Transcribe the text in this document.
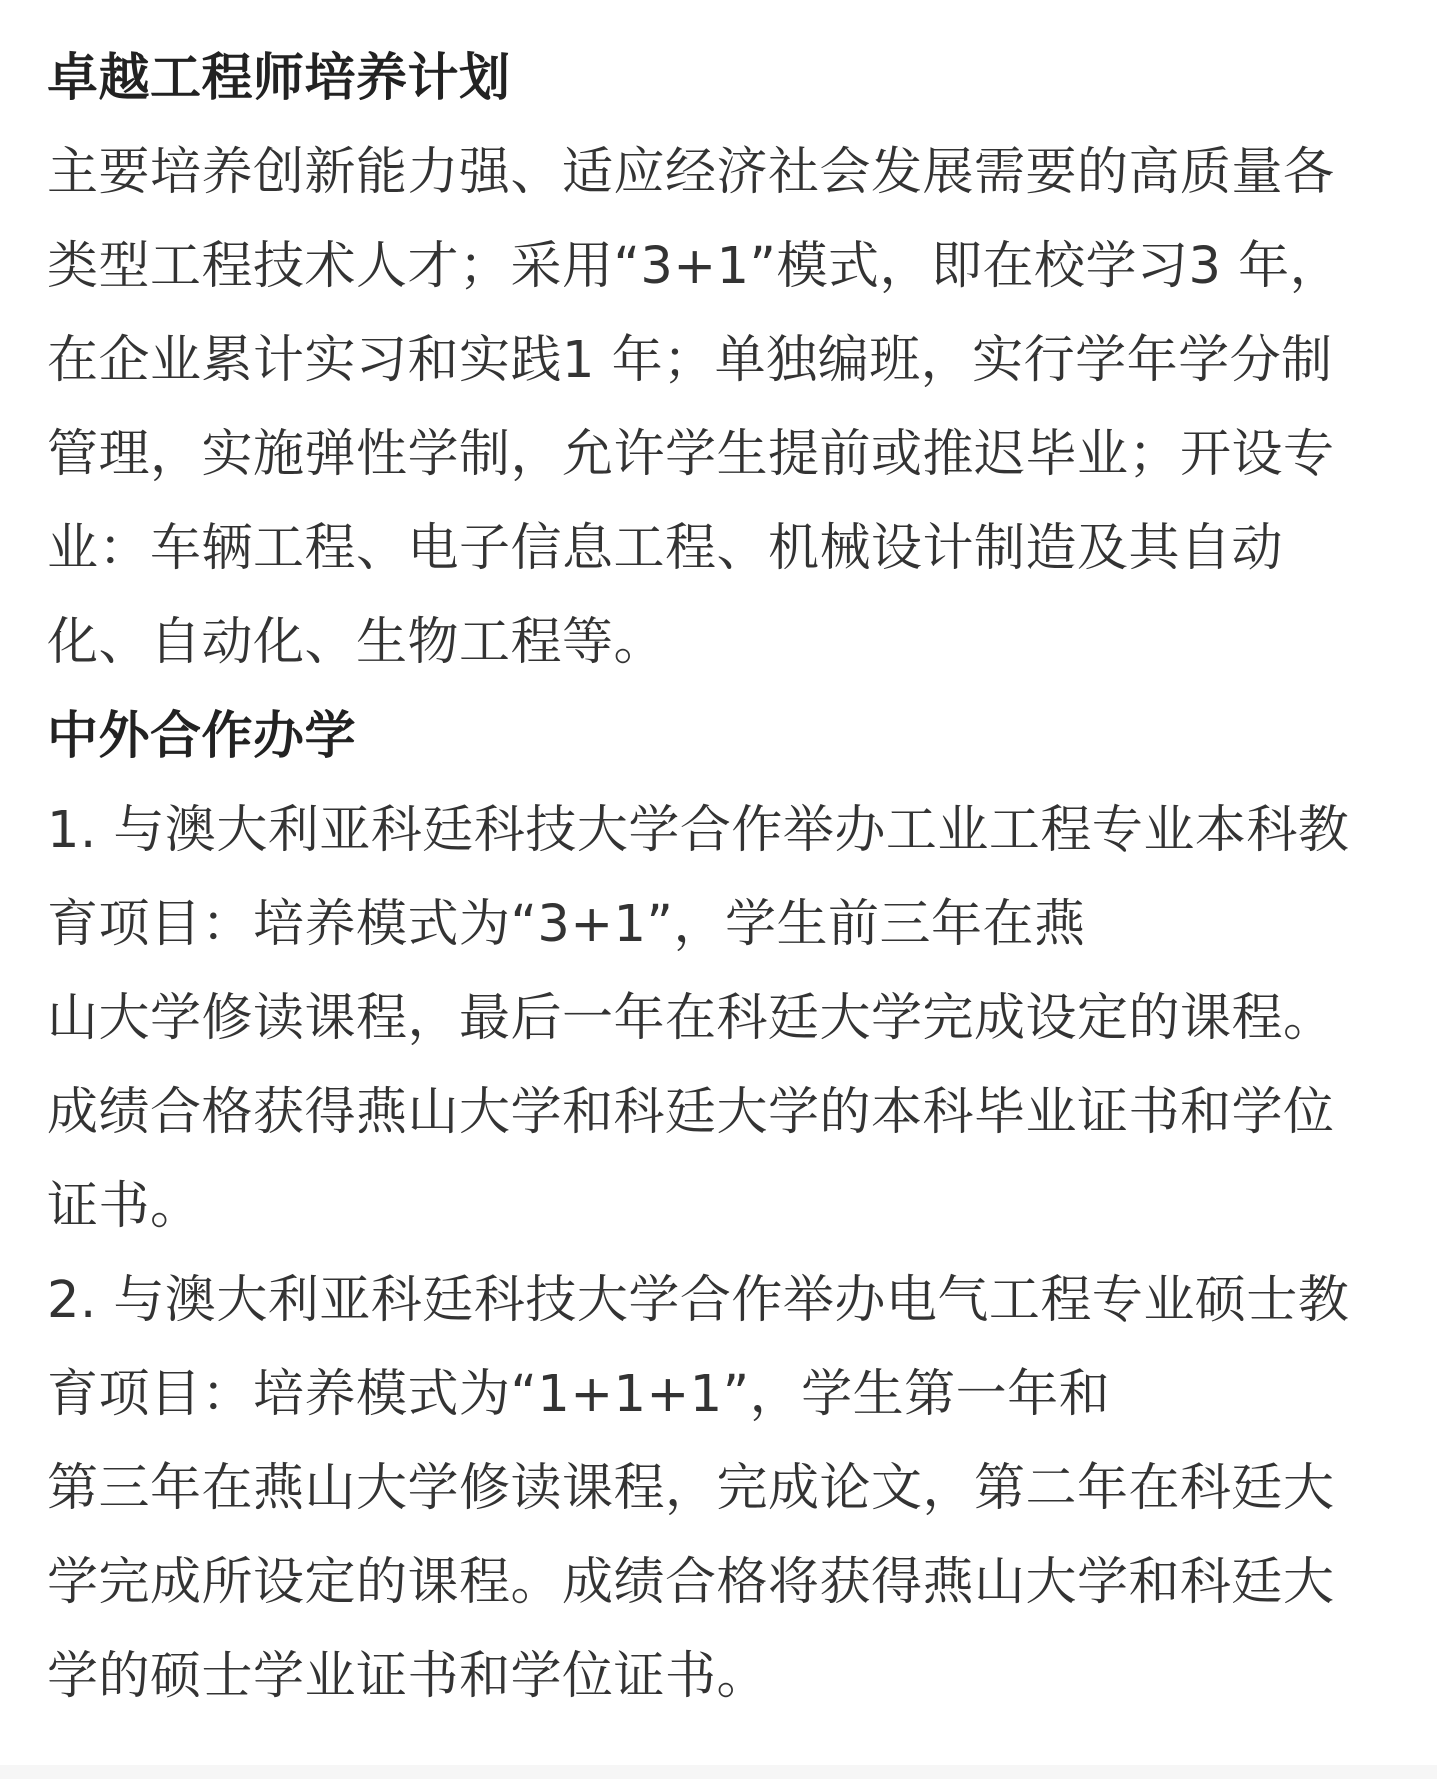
卓越工程师培养计划
主要培养创新能力强、适应经济社会发展需要的高质量各
类型工程技术人才；采用“3+1”模式，即在校学习3 年，
在企业累计实习和实践1 年；单独编班，实行学年学分制
管理，实施弹性学制，允许学生提前或推迟毕业；开设专
业：车辆工程、电子信息工程、机械设计制造及其自动
化、自动化、生物工程等。
中外合作办学
1. 与澳大利亚科廷科技大学合作举办工业工程专业本科教
育项目：培养模式为“3+1”，学生前三年在燕
山大学修读课程，最后一年在科廷大学完成设定的课程。
成绩合格获得燕山大学和科廷大学的本科毕业证书和学位
证书。
2. 与澳大利亚科廷科技大学合作举办电气工程专业硕士教
育项目：培养模式为“1+1+1”，学生第一年和
第三年在燕山大学修读课程，完成论文，第二年在科廷大
学完成所设定的课程。成绩合格将获得燕山大学和科廷大
学的硕士学业证书和学位证书。
